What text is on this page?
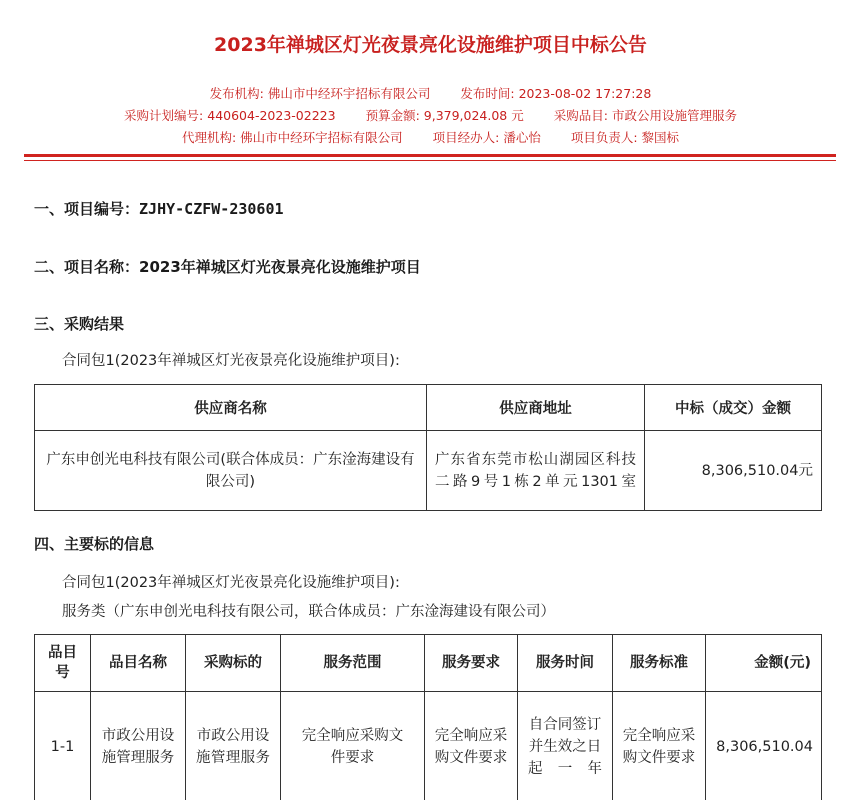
2023年禅城区灯光夜景亮化设施维护项目中标公告
发布机构: 佛山市中经环宇招标有限公司 发布时间: 2023-08-02 17:27:28
采购计划编号: 440604-2023-02223 预算金额: 9,379,024.08 元 采购品目: 市政公用设施管理服务
代理机构: 佛山市中经环宇招标有限公司 项目经办人: 潘心怡 项目负责人: 黎国标
一、项目编号：ZJHY-CZFW-230601
二、项目名称：2023年禅城区灯光夜景亮化设施维护项目
三、采购结果
合同包1(2023年禅城区灯光夜景亮化设施维护项目):
供应商名称	供应商地址	中标（成交）金额
广东申创光电科技有限公司(联合体成员：广东淦海建设有限公司)	广东省东莞市松山湖园区科技二路9号1栋2单元1301室	8,306,510.04元
四、主要标的信息
合同包1(2023年禅城区灯光夜景亮化设施维护项目):
服务类（广东申创光电科技有限公司，联合体成员：广东淦海建设有限公司）
品目号	品目名称	采购标的	服务范围	服务要求	服务时间	服务标准	金额(元)
1-1	市政公用设施管理服务	市政公用设施管理服务	完全响应采购文件要求	完全响应采购文件要求	自合同签订并生效之日起一年	完全响应采购文件要求	8,306,510.04
